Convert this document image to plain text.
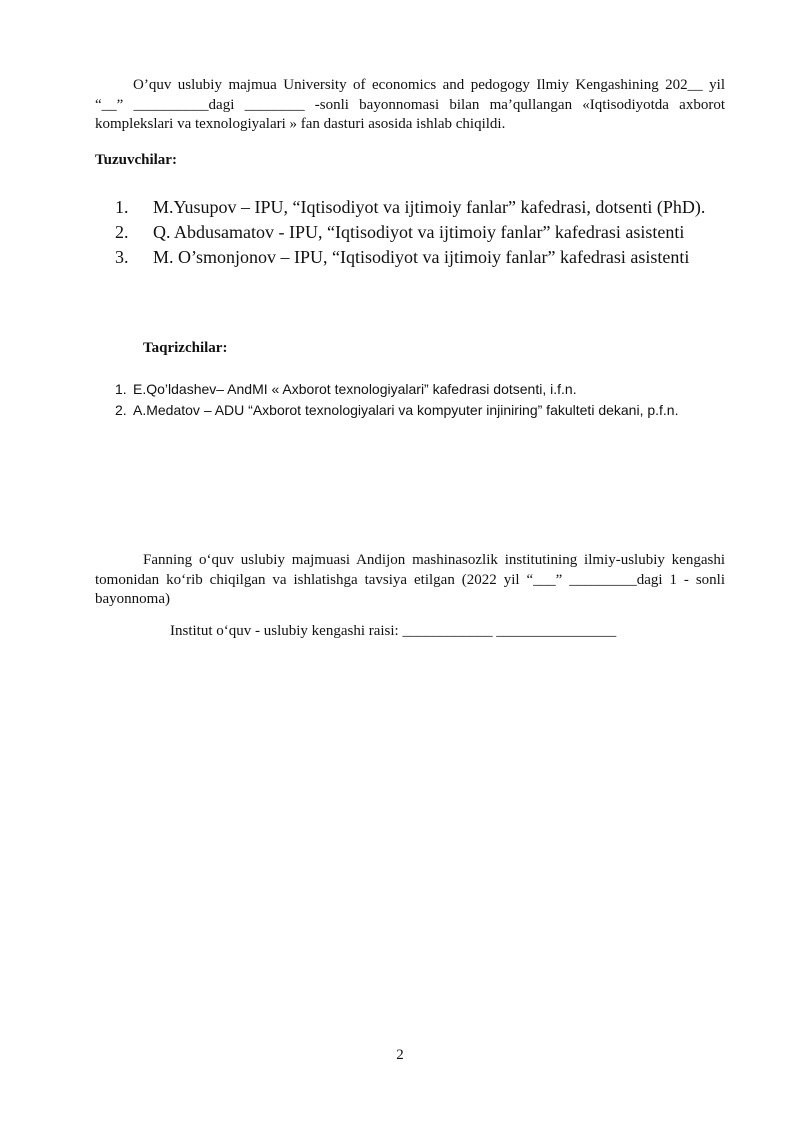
O’quv uslubiy majmua University of economics and pedogogy Ilmiy Kengashining 202__ yil “__” __________dagi ________ -sonli bayonnomasi bilan ma’qullangan «Iqtisodiyotda axborot komplekslari va texnologiyalari » fan dasturi asosida ishlab chiqildi.
Tuzuvchilar:
1. M.Yusupov – IPU, “Iqtisodiyot va ijtimoiy fanlar” kafedrasi, dotsenti (PhD).
2. Q. Abdusamatov - IPU, “Iqtisodiyot va ijtimoiy fanlar” kafedrasi asistenti
3. M. O’smonjonov – IPU, “Iqtisodiyot va ijtimoiy fanlar” kafedrasi asistenti
Taqrizchilar:
1. E.Qo’ldashev– AndMI « Axborot texnologiyalari” kafedrasi dotsenti, i.f.n.
2. A.Medatov – ADU “Axborot texnologiyalari va kompyuter injiniring” fakulteti dekani, p.f.n.
Fanning o‘quv uslubiy majmuasi Andijon mashinasozlik institutining ilmiy-uslubiy kengashi tomonidan ko‘rib chiqilgan va ishlatishga tavsiya etilgan (2022 yil “___” _________dagi 1 - sonli bayonnoma)
Institut o‘quv - uslubiy kengashi raisi: ____________ ________________
2
